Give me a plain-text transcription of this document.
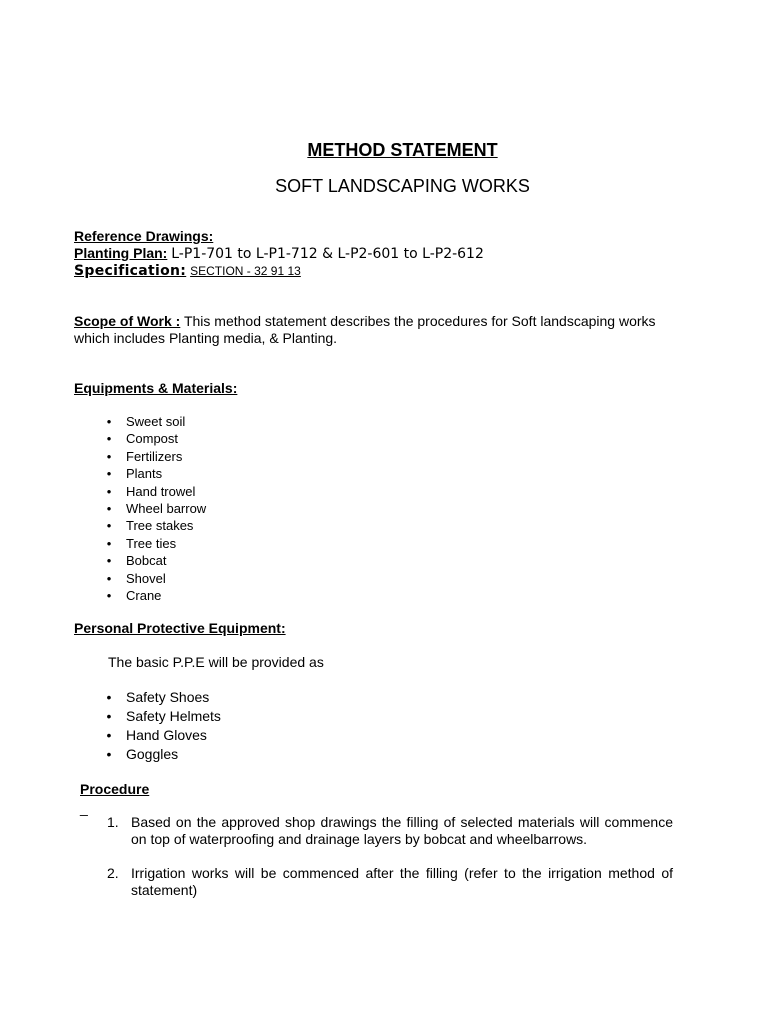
METHOD STATEMENT
SOFT LANDSCAPING WORKS
Reference Drawings:
Planting Plan: L-P1-701 to L-P1-712 & L-P2-601 to L-P2-612
Specification: SECTION - 32 91 13
Scope of Work : This method statement describes the procedures for Soft landscaping works which includes Planting media, & Planting.
Equipments & Materials:
• Sweet soil
• Compost
• Fertilizers
• Plants
• Hand trowel
• Wheel barrow
• Tree stakes
• Tree ties
• Bobcat
• Shovel
• Crane
Personal Protective Equipment:
The basic P.P.E will be provided as
• Safety Shoes
• Safety Helmets
• Hand Gloves
• Goggles
Procedure
_
1. Based on the approved shop drawings the filling of selected materials will commence on top of waterproofing and drainage layers by bobcat and wheelbarrows.
2. Irrigation works will be commenced after the filling (refer to the irrigation method of statement)
